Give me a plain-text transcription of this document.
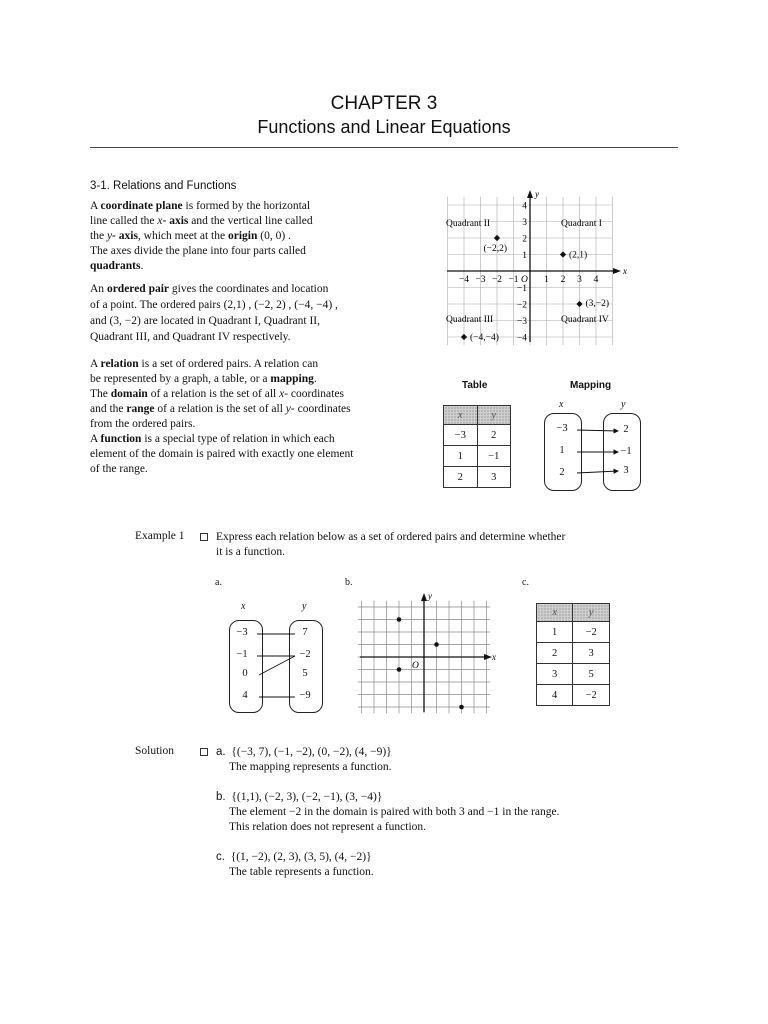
CHAPTER 3
Functions and Linear Equations
3-1. Relations and Functions
A coordinate plane is formed by the horizontal
line called the x- axis and the vertical line called
the y- axis, which meet at the origin (0, 0) .
The axes divide the plane into four parts called
quadrants.
An ordered pair gives the coordinates and location
of a point. The ordered pairs (2,1) , (−2, 2) , (−4, −4) ,
and (3, −2) are located in Quadrant I, Quadrant II,
Quadrant III, and Quadrant IV respectively.
A relation is a set of ordered pairs. A relation can
be represented by a graph, a table, or a mapping.
The domain of a relation is the set of all x- coordinates
and the range of a relation is the set of all y- coordinates
from the ordered pairs.
A function is a special type of relation in which each
element of the domain is paired with exactly one element
of the range.
x
y
O
−4 −3 −2 −1	1 2 3 4
4
3
2
1
−1
−2
−3
−4
Quadrant II	Quadrant I
Quadrant III	Quadrant IV
(2,1)
(−2,2)
(3,−2)
(−4,−4)
Table
x	y
−3	2
1	−1
2	3
Mapping
x	y
−3
1
2
2
−1
3
Example 1	Express each relation below as a set of ordered pairs and determine whether
it is a function.
a.	b.	c.
x	y
−3
−1
0
4
7
−2
5
−9
x
y
O
x	y
1	−2
2	3
3	5
4	−2
Solution	a. {(−3, 7), (−1, −2), (0, −2), (4, −9)}
The mapping represents a function.
b. {(1,1), (−2, 3), (−2, −1), (3, −4)}
The element −2 in the domain is paired with both 3 and −1 in the range.
This relation does not represent a function.
c. {(1, −2), (2, 3), (3, 5), (4, −2)}
The table represents a function.
